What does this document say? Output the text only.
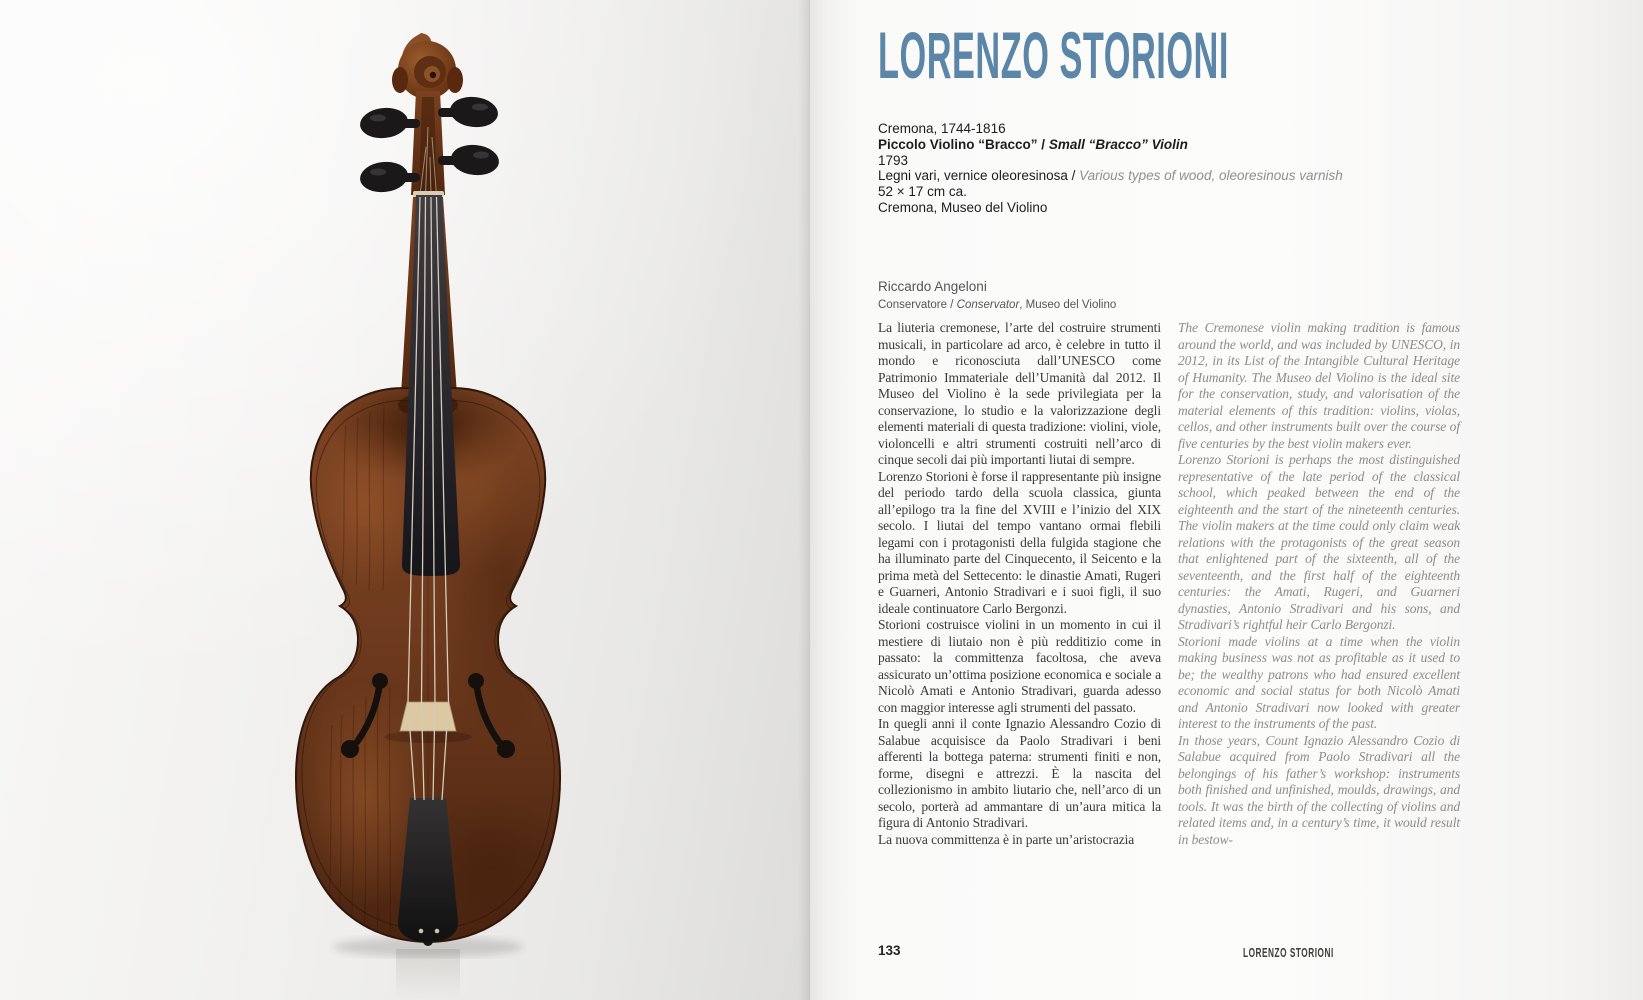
LORENZO STORIONI
Cremona, 1744-1816
Piccolo Violino “Bracco” / Small “Bracco” Violin
1793
Legni vari, vernice oleoresinosa / Various types of wood, oleoresinous varnish
52 × 17 cm ca.
Cremona, Museo del Violino
Riccardo Angeloni
Conservatore / Conservator, Museo del Violino

La liuteria cremonese, l’arte del costruire strumenti musicali, in particolare ad arco, è celebre in tutto il mondo e riconosciuta dall’UNESCO come Patrimonio Immateriale dell’Umanità dal 2012. Il Museo del Violino è la sede privilegiata per la conservazione, lo studio e la valorizzazione degli elementi materiali di questa tradizione: violini, viole, violoncelli e altri strumenti costruiti nell’arco di cinque secoli dai più importanti liutai di sempre.

Lorenzo Storioni è forse il rappresentante più insigne del periodo tardo della scuola classica, giunta all’epilogo tra la fine del XVIII e l’inizio del XIX secolo. I liutai del tempo vantano ormai flebili legami con i protagonisti della fulgida stagione che ha illuminato parte del Cinquecento, il Seicento e la prima metà del Settecento: le dinastie Amati, Rugeri e Guarneri, Antonio Stradivari e i suoi figli, il suo ideale continuatore Carlo Bergonzi.

Storioni costruisce violini in un momento in cui il mestiere di liutaio non è più redditizio come in passato: la committenza facoltosa, che aveva assicurato un’ottima posizione economica e sociale a Nicolò Amati e Antonio Stradivari, guarda adesso con maggior interesse agli strumenti del passato.

In quegli anni il conte Ignazio Alessandro Cozio di Salabue acquisisce da Paolo Stradivari i beni afferenti la bottega paterna: strumenti finiti e non, forme, disegni e attrezzi. È la nascita del collezionismo in ambito liutario che, nell’arco di un secolo, porterà ad ammantare di un’aura mitica la figura di Antonio Stradivari.

La nuova committenza è in parte un’aristocrazia

The Cremonese violin making tradition is famous around the world, and was included by UNESCO, in 2012, in its List of the Intangible Cultural Heritage of Humanity. The Museo del Violino is the ideal site for the conservation, study, and valorisation of the material elements of this tradition: violins, violas, cellos, and other instruments built over the course of five centuries by the best violin makers ever.

Lorenzo Storioni is perhaps the most distinguished representative of the late period of the classical school, which peaked between the end of the eighteenth and the start of the nineteenth centuries. The violin makers at the time could only claim weak relations with the protagonists of the great season that enlightened part of the sixteenth, all of the seventeenth, and the first half of the eighteenth centuries: the Amati, Rugeri, and Guarneri dynasties, Antonio Stradivari and his sons, and Stradivari’s rightful heir Carlo Bergonzi.

Storioni made violins at a time when the violin making business was not as profitable as it used to be; the wealthy patrons who had ensured excellent economic and social status for both Nicolò Amati and Antonio Stradivari now looked with greater interest to the instruments of the past.

In those years, Count Ignazio Alessandro Cozio di Salabue acquired from Paolo Stradivari all the belongings of his father’s workshop: instruments both finished and unfinished, moulds, drawings, and tools. It was the birth of the collecting of violins and related items and, in a century’s time, it would result in bestow-

133	LORENZO STORIONI
